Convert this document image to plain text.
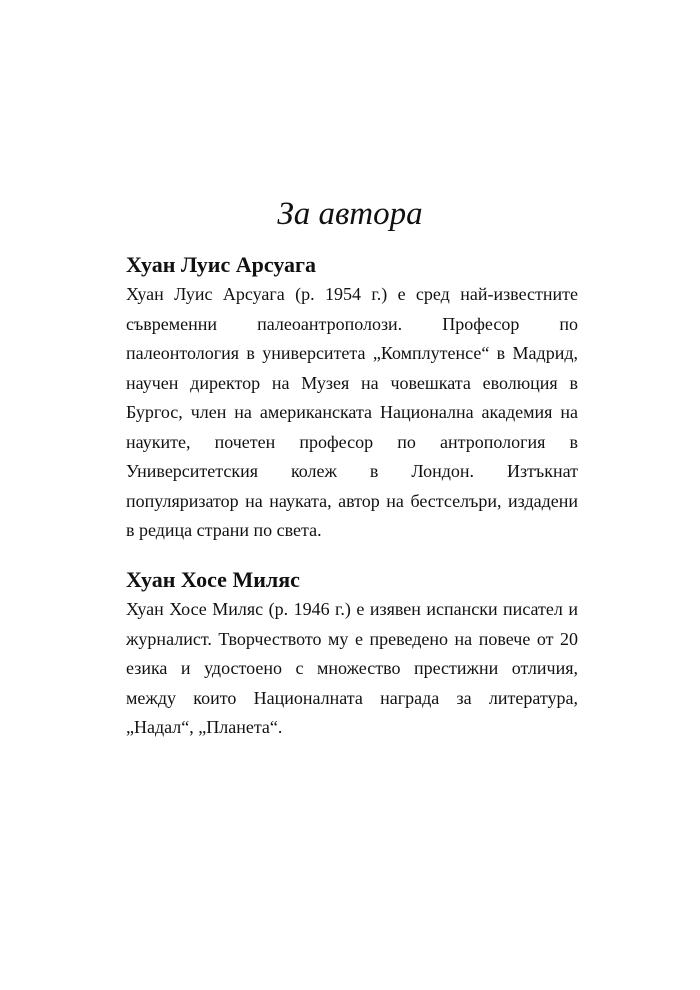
За автора
Хуан Луис Арсуага

Хуан Луис Арсуага (р. 1954 г.) е сред най-известните съвременни палеоантрополози. Професор по палеонтология в университета „Комплутенсе“ в Мадрид, научен директор на Музея на човешката еволюция в Бургос, член на американската Национална академия на науките, почетен професор по антропология в Университетския колеж в Лондон. Изтъкнат популяризатор на науката, автор на бестселъри, издадени в редица страни по света.

Хуан Хосе Миляс

Хуан Хосе Миляс (р. 1946 г.) е изявен испански писател и журналист. Творчеството му е преведено на повече от 20 езика и удостоено с множество престижни отличия, между които Националната награда за литература, „Надал“, „Планета“.
